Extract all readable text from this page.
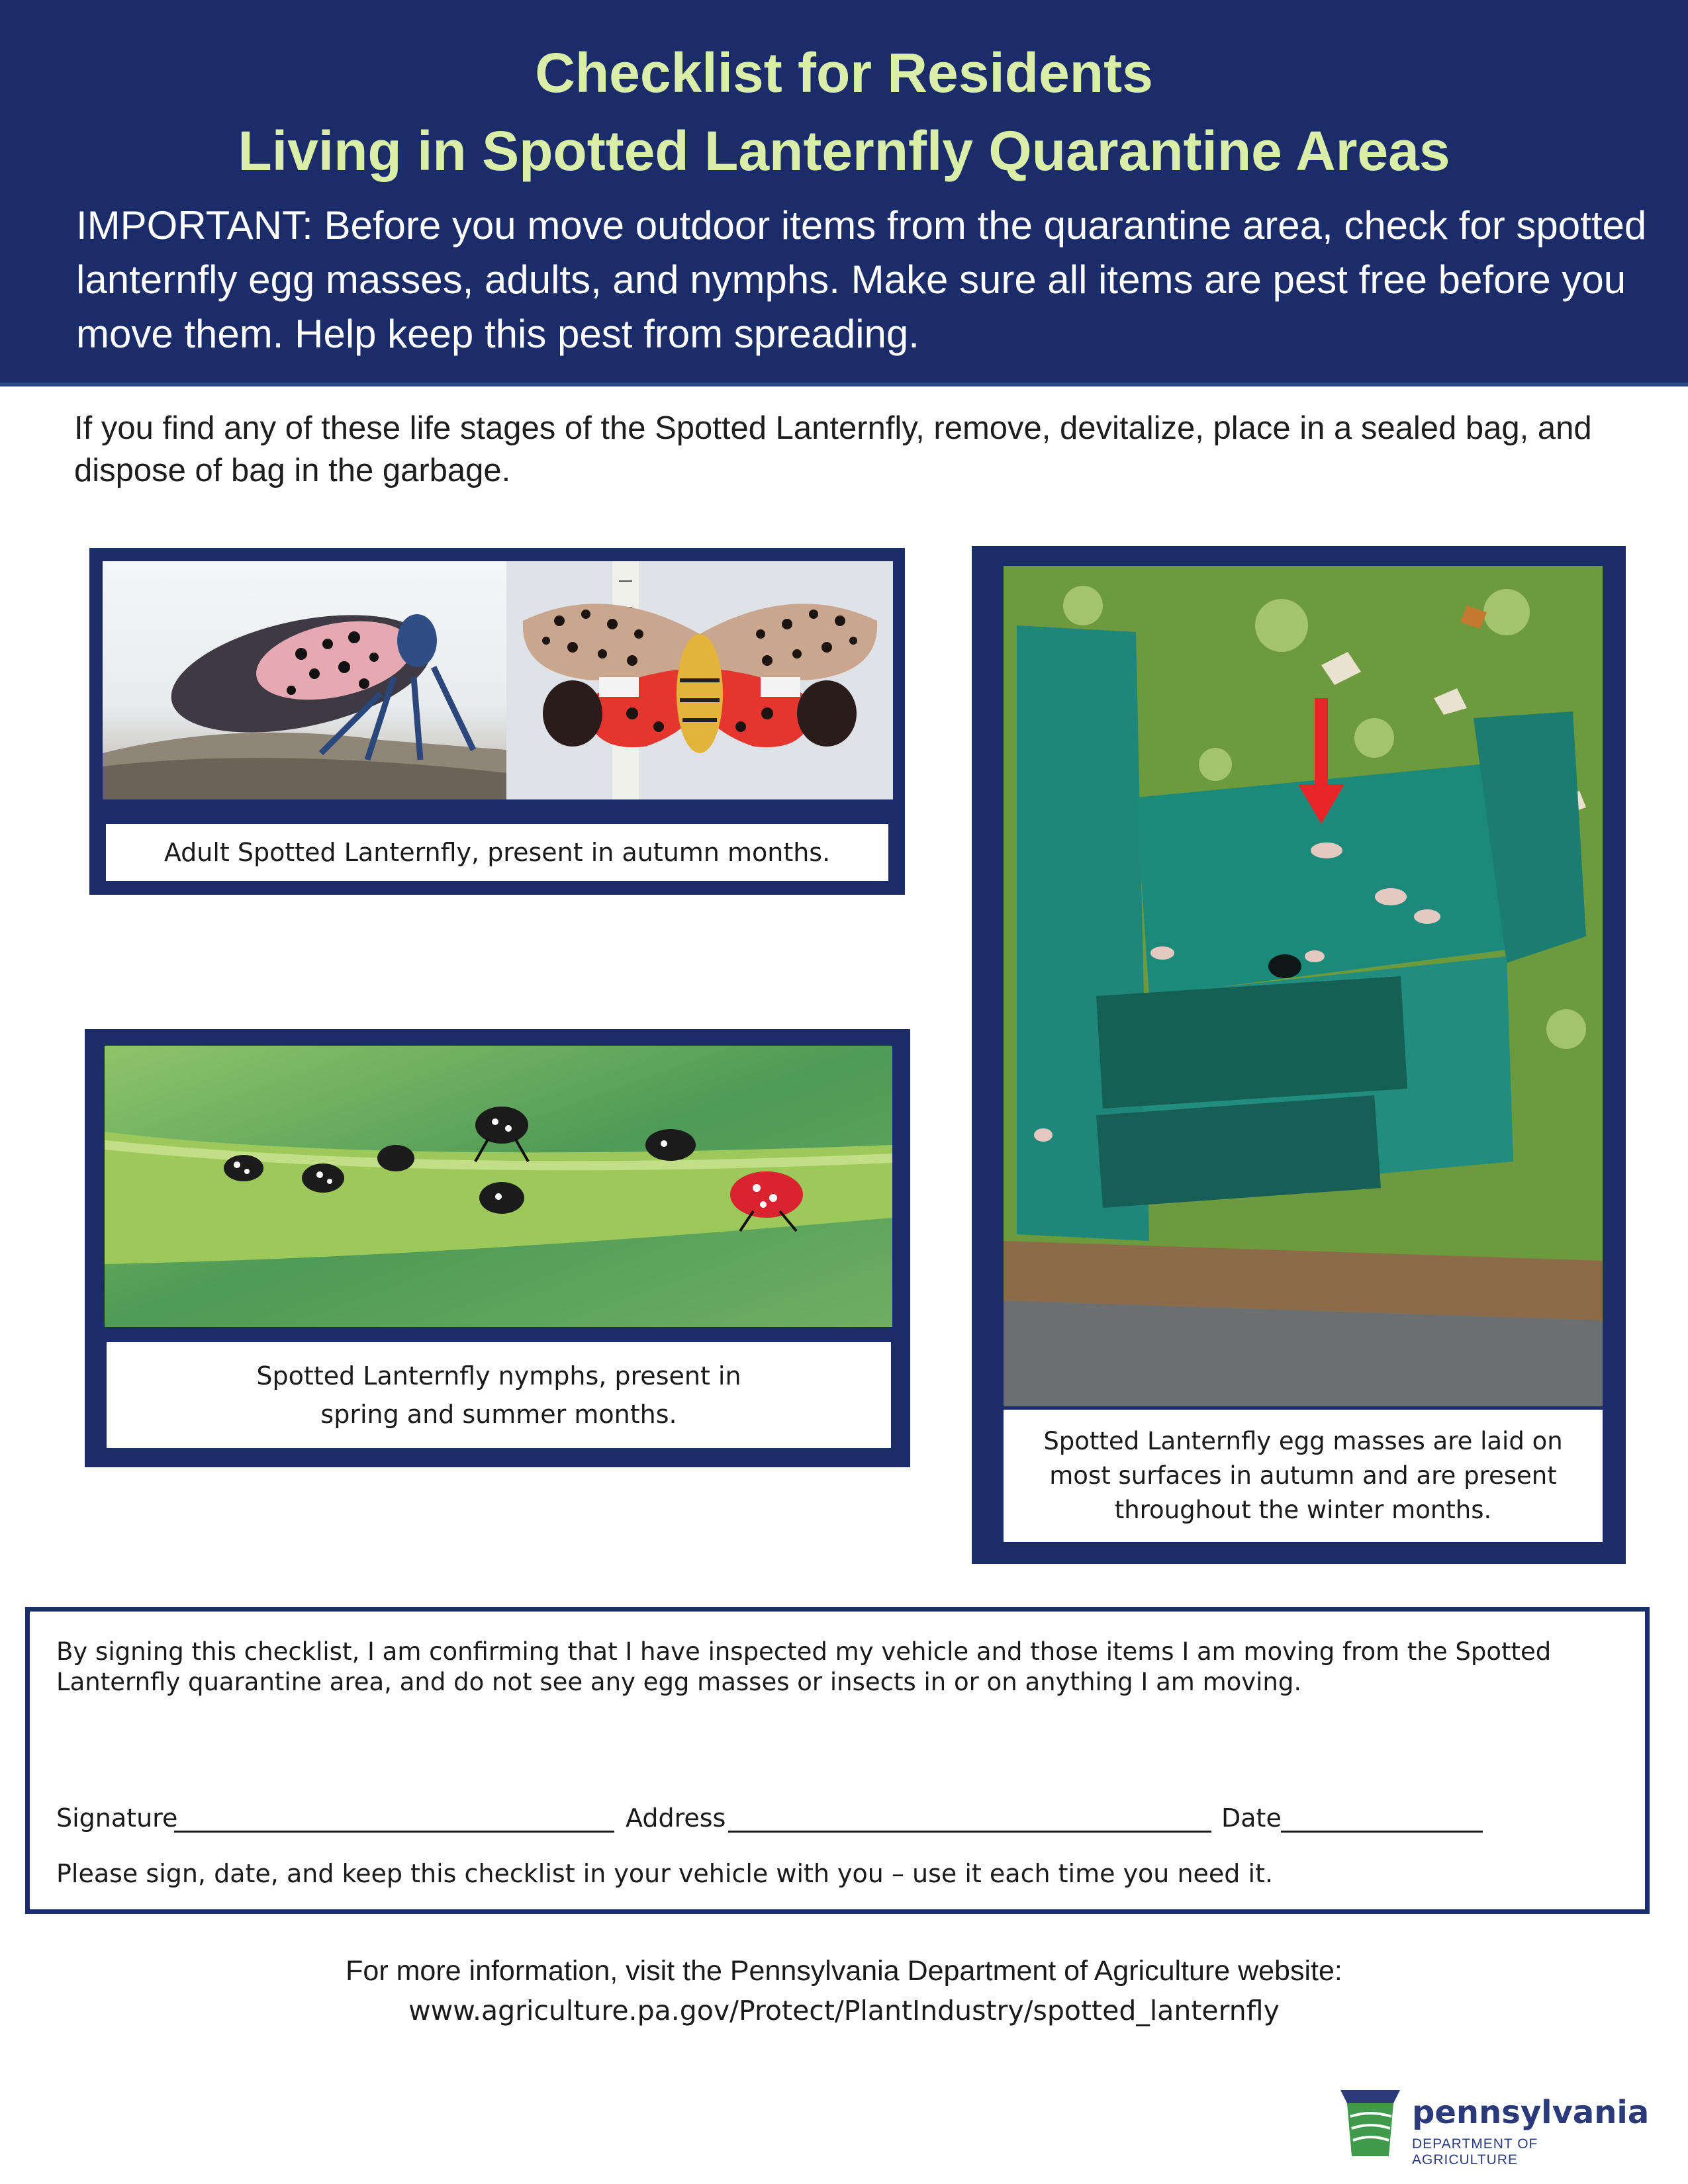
Checklist for Residents
Living in Spotted Lanternfly Quarantine Areas

IMPORTANT: Before you move outdoor items from the quarantine area, check for spotted lanternfly egg masses, adults, and nymphs. Make sure all items are pest free before you move them. Help keep this pest from spreading.

If you find any of these life stages of the Spotted Lanternfly, remove, devitalize, place in a sealed bag, and dispose of bag in the garbage.

Adult Spotted Lanternfly, present in autumn months.
Spotted Lanternfly nymphs, present in spring and summer months.
Spotted Lanternfly egg masses are laid on most surfaces in autumn and are present throughout the winter months.

By signing this checklist, I am confirming that I have inspected my vehicle and those items I am moving from the Spotted Lanternfly quarantine area, and do not see any egg masses or insects in or on anything I am moving.

Signature	Address	Date
Please sign, date, and keep this checklist in your vehicle with you – use it each time you need it.
For more information, visit the Pennsylvania Department of Agriculture website:
www.agriculture.pa.gov/Protect/PlantIndustry/spotted_lanternfly
pennsylvania
DEPARTMENT OF AGRICULTURE
